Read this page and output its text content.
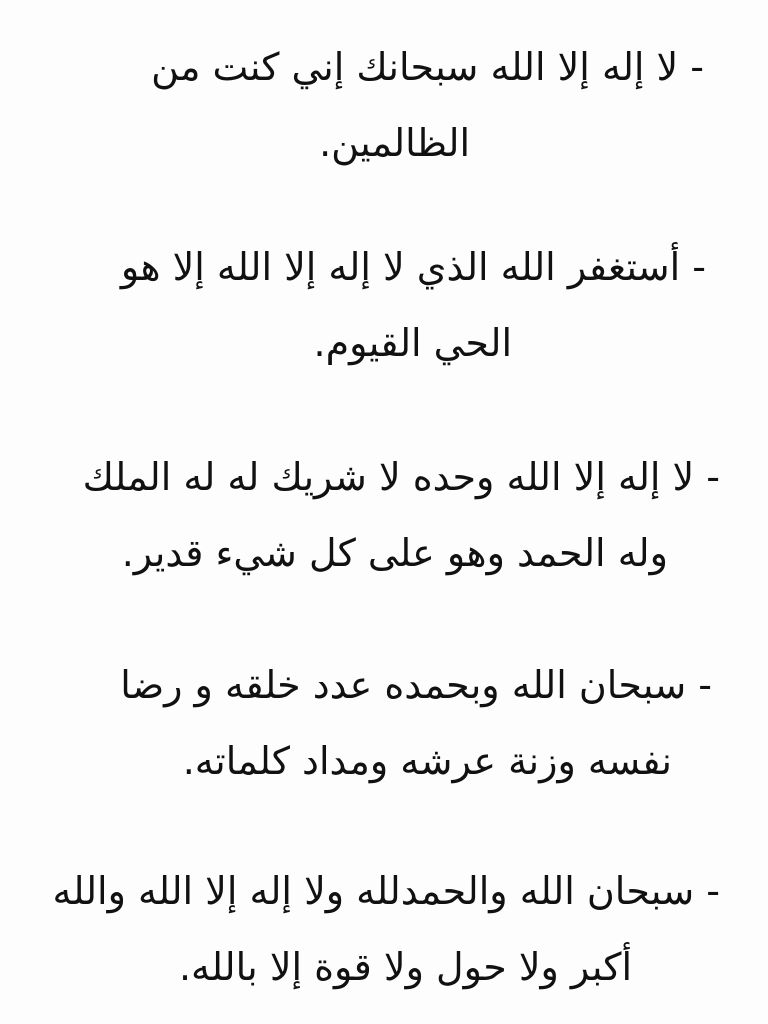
- لا إله إلا الله سبحانك إني كنت من
الظالمين.
- أستغفر الله الذي لا إله إلا الله إلا هو
الحي القيوم.
- لا إله إلا الله وحده لا شريك له له الملك
وله الحمد وهو على كل شيء قدير.
- سبحان الله وبحمده عدد خلقه و رضا
نفسه وزنة عرشه ومداد كلماته.
- سبحان الله والحمدلله ولا إله إلا الله والله
أكبر ولا حول ولا قوة إلا بالله.
